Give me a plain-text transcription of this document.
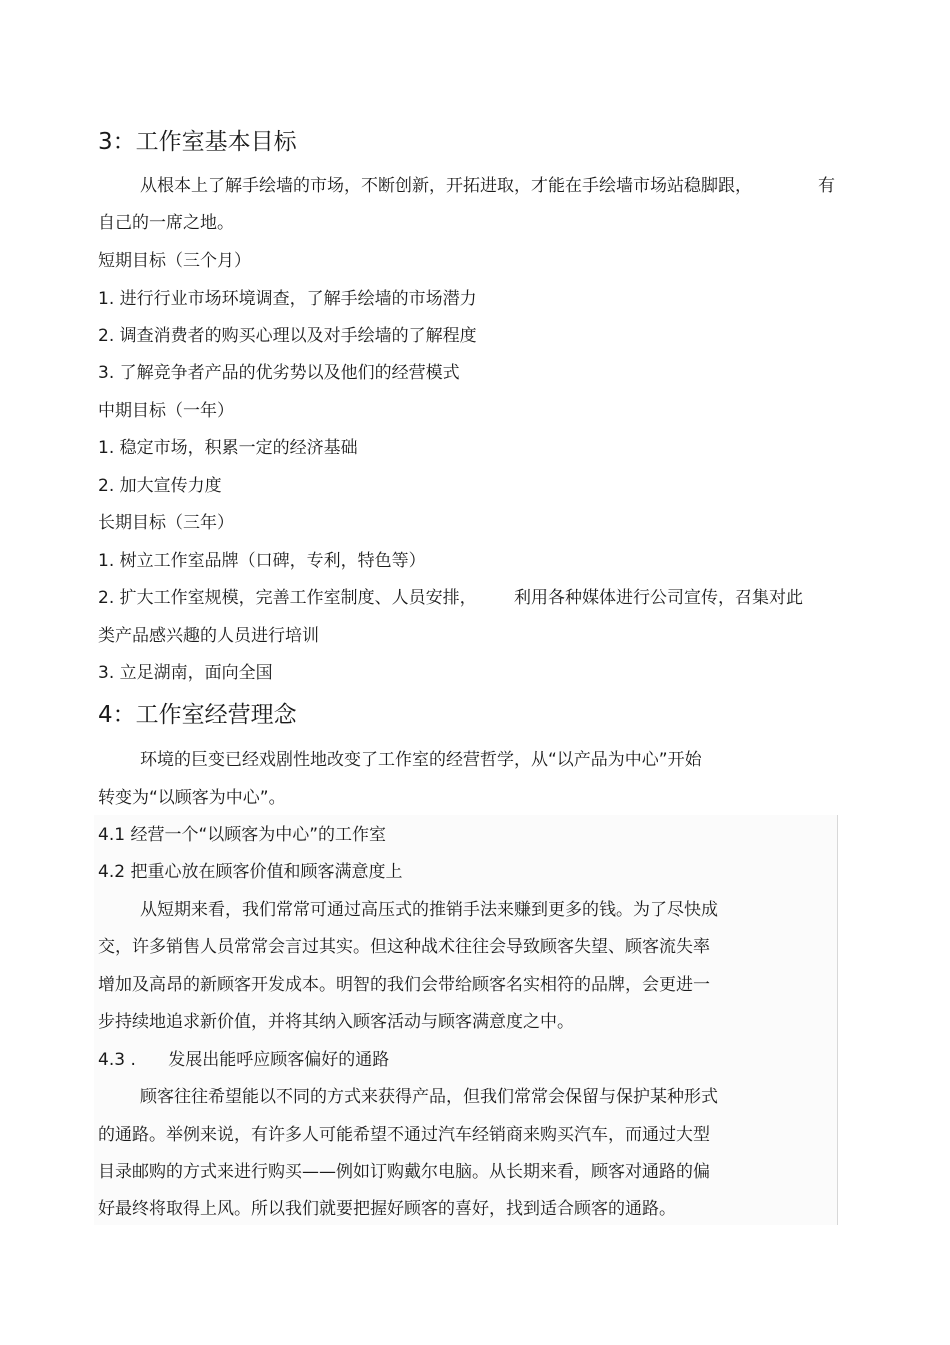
3：工作室基本目标
从根本上了解手绘墙的市场，不断创新，开拓进取，才能在手绘墙市场站稳脚跟，	有
自己的一席之地。
短期目标（三个月）
1. 进行行业市场环境调查，了解手绘墙的市场潜力
2. 调查消费者的购买心理以及对手绘墙的了解程度
3. 了解竞争者产品的优劣势以及他们的经营模式
中期目标（一年）
1. 稳定市场，积累一定的经济基础
2. 加大宣传力度
长期目标（三年）
1. 树立工作室品牌（口碑，专利，特色等）
2. 扩大工作室规模，完善工作室制度、人员安排， 利用各种媒体进行公司宣传，召集对此
类产品感兴趣的人员进行培训
3. 立足湖南，面向全国
4：工作室经营理念
环境的巨变已经戏剧性地改变了工作室的经营哲学，从“以产品为中心”开始
转变为“以顾客为中心”。
4.1 经营一个“以顾客为中心”的工作室
4.2 把重心放在顾客价值和顾客满意度上
从短期来看，我们常常可通过高压式的推销手法来赚到更多的钱。为了尽快成
交，许多销售人员常常会言过其实。但这种战术往往会导致顾客失望、顾客流失率
增加及高昂的新顾客开发成本。明智的我们会带给顾客名实相符的品牌，会更进一
步持续地追求新价值，并将其纳入顾客活动与顾客满意度之中。
4.3 .      发展出能呼应顾客偏好的通路
顾客往往希望能以不同的方式来获得产品，但我们常常会保留与保护某种形式
的通路。举例来说，有许多人可能希望不通过汽车经销商来购买汽车，而通过大型
目录邮购的方式来进行购买——例如订购戴尔电脑。从长期来看，顾客对通路的偏
好最终将取得上风。所以我们就要把握好顾客的喜好，找到适合顾客的通路。
